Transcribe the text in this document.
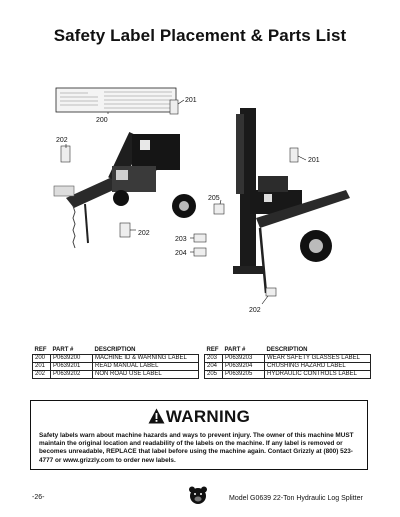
Safety Label Placement & Parts List
200
201
202
202
201
205
203
204
202
REF	PART #	DESCRIPTION
200	P0639200	MACHINE ID & WARNING LABEL
201	P0639201	READ MANUAL LABEL
202	P0639202	NON ROAD USE LABEL
REF	PART #	DESCRIPTION
203	P0639203	WEAR SAFETY GLASSES LABEL
204	P0639204	CRUSHING HAZARD LABEL
205	P0639205	HYDRAULIC CONTROLS LABEL
WARNING
Safety labels warn about machine hazards and ways to prevent injury. The owner of this machine MUST maintain the original location and readability of the labels on the machine. If any label is removed or becomes unreadable, REPLACE that label before using the machine again. Contact Grizzly at (800) 523-4777 or www.grizzly.com to order new labels.
-26-	Model G0639 22-Ton Hydraulic Log Splitter
